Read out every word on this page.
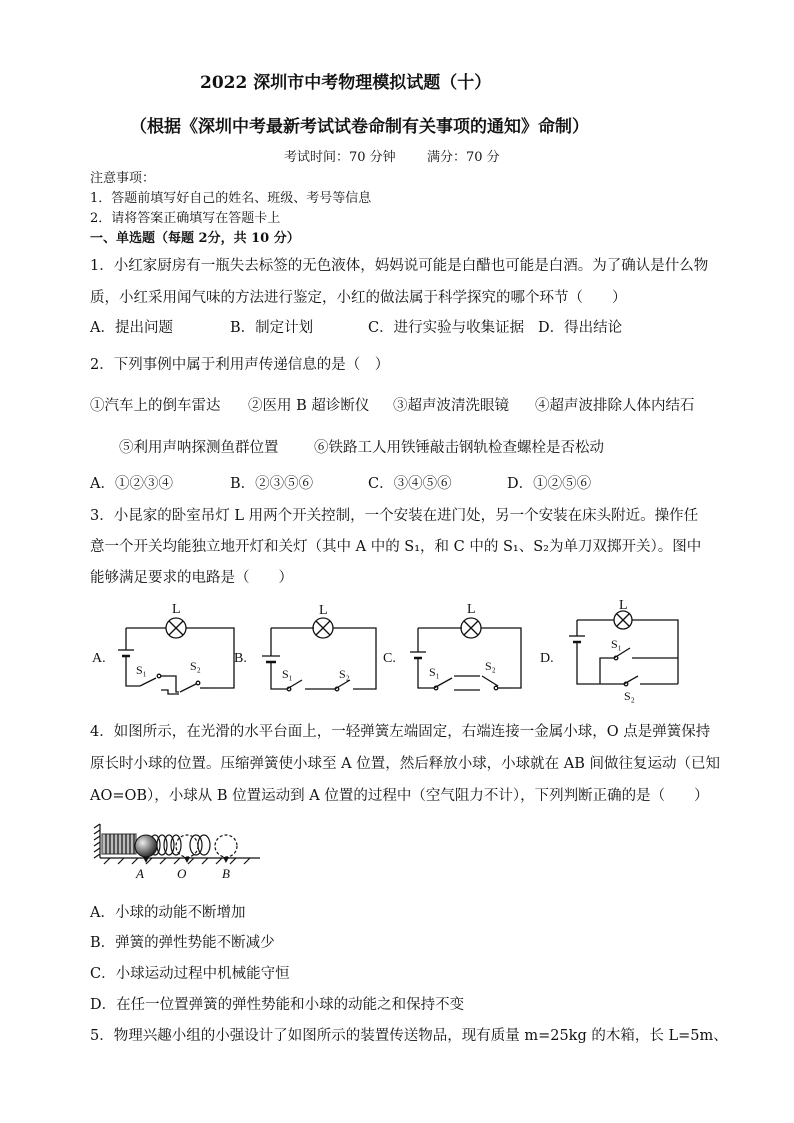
2022 深圳市中考物理模拟试题（十）
（根据《深圳中考最新考试试卷命制有关事项的通知》命制）
考试时间：70 分钟 满分：70 分
注意事项：
1．答题前填写好自己的姓名、班级、考号等信息
2．请将答案正确填写在答题卡上
一、单选题（每题 2分，共 10 分）
1．小红家厨房有一瓶失去标签的无色液体，妈妈说可能是白醋也可能是白酒。为了确认是什么物
质，小红采用闻气味的方法进行鉴定，小红的做法属于科学探究的哪个环节（　　）
A．提出问题	B．制定计划	C．进行实验与收集证据 D．得出结论
2．下列事例中属于利用声传递信息的是（　）
①汽车上的倒车雷达 ②医用 B 超诊断仪 ③超声波清洗眼镜 ④超声波排除人体内结石
⑤利用声呐探测鱼群位置 ⑥铁路工人用铁锤敲击钢轨检查螺栓是否松动
A．①②③④	B．②③⑤⑥	C．③④⑤⑥	D．①②⑤⑥
3．小昆家的卧室吊灯 L 用两个开关控制，一个安装在进门处，另一个安装在床头附近。操作任
意一个开关均能独立地开灯和关灯（其中 A 中的 S₁，和 C 中的 S₁、S₂为单刀双掷开关）。图中
能够满足要求的电路是（　　）
A.	B.	C.	D.
L	L	L	L
S₁	S₂
S₁	S₂	S₁	S₂
S₁
S₂
4．如图所示，在光滑的水平台面上，一轻弹簧左端固定，右端连接一金属小球，O 点是弹簧保持
原长时小球的位置。压缩弹簧使小球至 A 位置，然后释放小球，小球就在 AB 间做往复运动（已知
AO=OB），小球从 B 位置运动到 A 位置的过程中（空气阻力不计），下列判断正确的是（　　）
A	O	B
A．小球的动能不断增加
B．弹簧的弹性势能不断减少
C．小球运动过程中机械能守恒
D．在任一位置弹簧的弹性势能和小球的动能之和保持不变
5．物理兴趣小组的小强设计了如图所示的装置传送物品，现有质量 m=25kg 的木箱，长 L=5m、
